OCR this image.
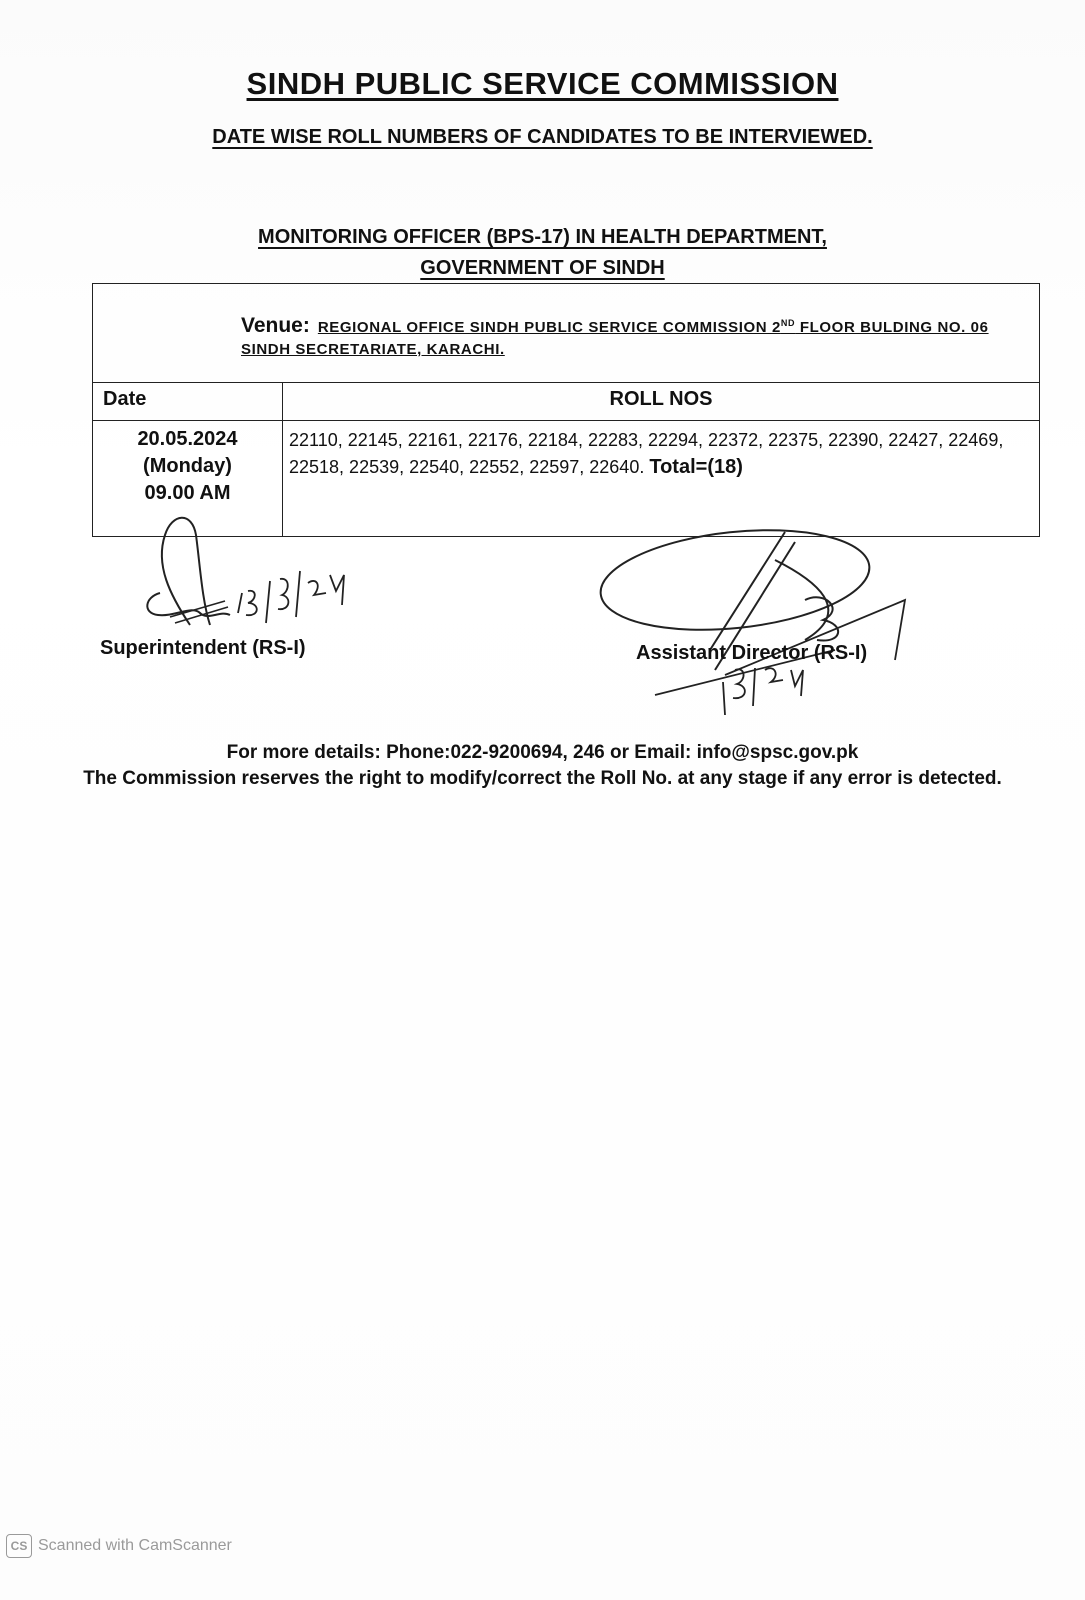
SINDH PUBLIC SERVICE COMMISSION
DATE WISE ROLL NUMBERS OF CANDIDATES TO BE INTERVIEWED.
MONITORING OFFICER (BPS-17) IN HEALTH DEPARTMENT,
GOVERNMENT OF SINDH
Venue: REGIONAL OFFICE SINDH PUBLIC SERVICE COMMISSION 2ND FLOOR BULDING NO. 06 SINDH SECRETARIATE, KARACHI.
Date	ROLL NOS
20.05.2024
(Monday)
09.00 AM
22110, 22145, 22161, 22176, 22184, 22283, 22294, 22372, 22375, 22390, 22427, 22469, 22518, 22539, 22540, 22552, 22597, 22640. Total=(18)
Superintendent (RS-I)	Assistant Director (RS-I)
For more details: Phone:022-9200694, 246 or Email: info@spsc.gov.pk
The Commission reserves the right to modify/correct the Roll No. at any stage if any error is detected.
CS Scanned with CamScanner
